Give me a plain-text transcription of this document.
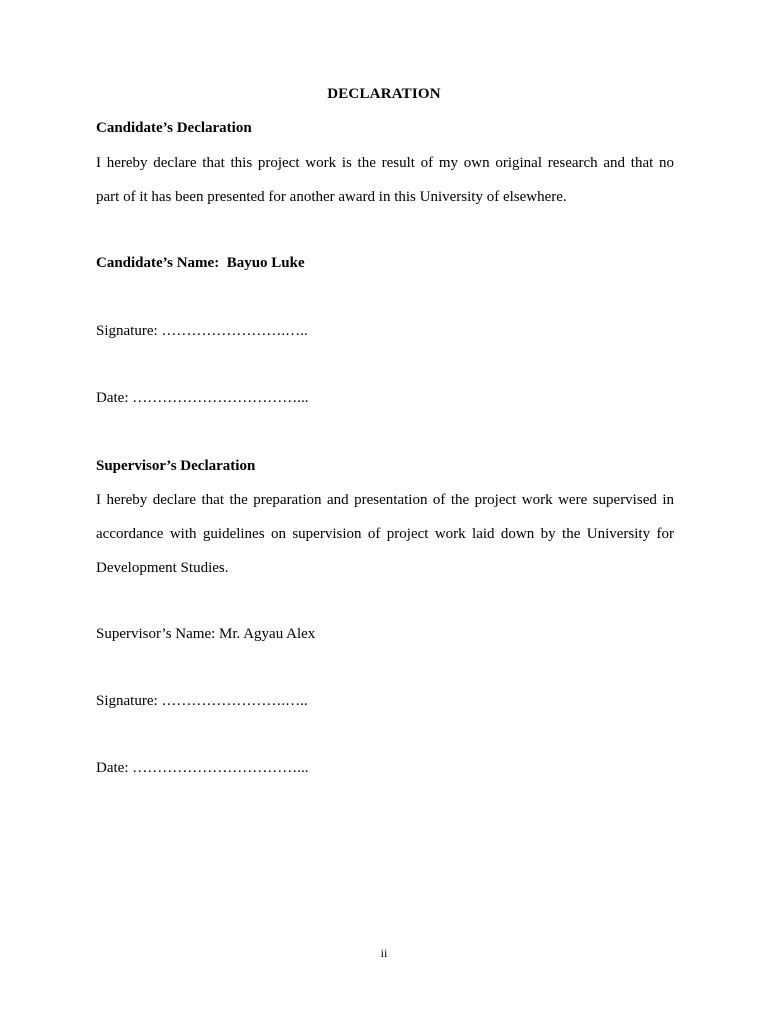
DECLARATION
Candidate’s Declaration
I hereby declare that this project work is the result of my own original research and that no
part of it has been presented for another award in this University of elsewhere.
Candidate’s Name: Bayuo Luke
Signature: …………………….…..
Date: ……………………………...
Supervisor’s Declaration
I hereby declare that the preparation and presentation of the project work were supervised in
accordance with guidelines on supervision of project work laid down by the University for
Development Studies.
Supervisor’s Name: Mr. Agyau Alex
Signature: …………………….…..
Date: ……………………………...
ii
